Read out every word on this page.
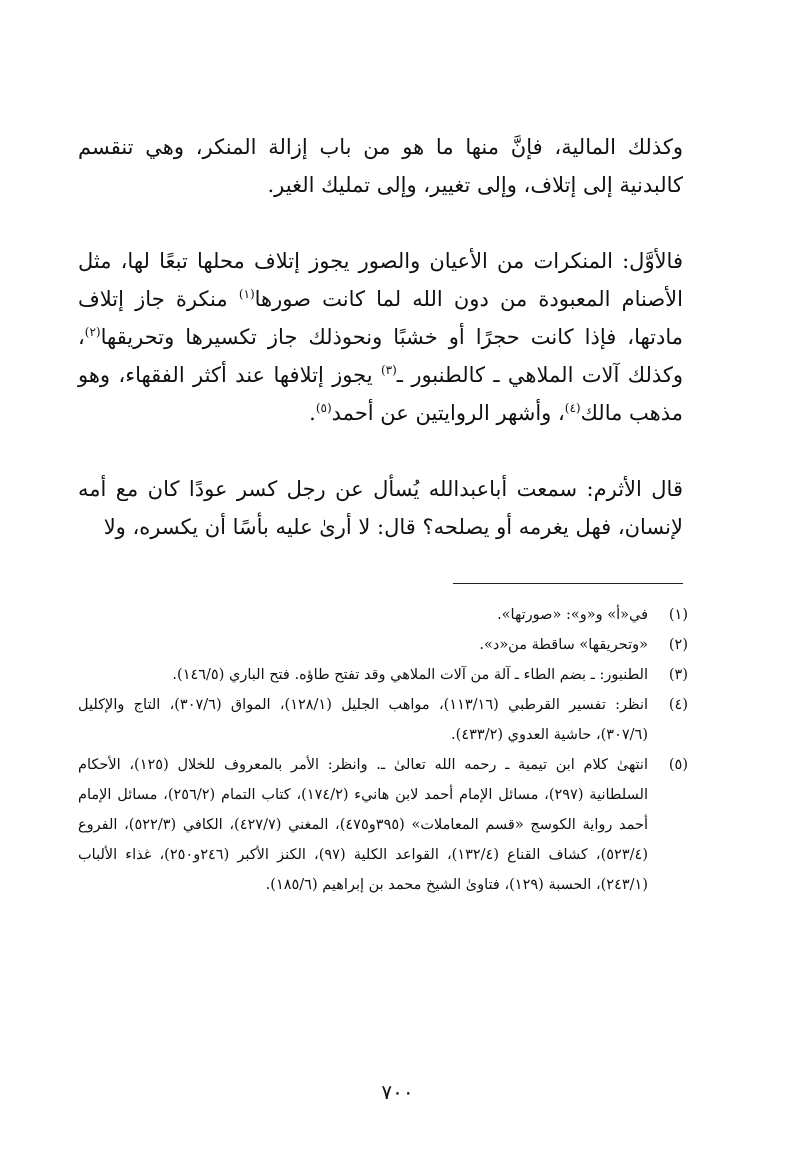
وكذلك المالية، فإنَّ منها ما هو من باب إزالة المنكر، وهي تنقسم كالبدنية إلى إتلاف، وإلى تغيير، وإلى تمليك الغير.

فالأوَّل: المنكرات من الأعيان والصور يجوز إتلاف محلها تبعًا لها، مثل الأصنام المعبودة من دون الله لما كانت صورها$^{(١)}$ منكرة جاز إتلاف مادتها، فإذا كانت حجرًا أو خشبًا ونحوذلك جاز تكسيرها وتحريقها$^{(٢)}$، وكذلك آلات الملاهي ـ كالطنبور ـ$^{(٣)}$ يجوز إتلافها عند أكثر الفقهاء، وهو مذهب مالك$^{(٤)}$، وأشهر الروايتين عن أحمد$^{(٥)}$.

قال الأثرم: سمعت أباعبدالله يُسأل عن رجل كسر عودًا كان مع أمه لإنسان، فهل يغرمه أو يصلحه؟ قال: لا أرىٰ عليه بأسًا أن يكسره، ولا

(١)
في«أ» و«و»: «صورتها».
(٢)
«وتحريقها» ساقطة من«د».
(٣)
الطنبور: ـ بضم الطاء ـ آلة من آلات الملاهي وقد تفتح طاؤه. فتح الباري (١٤٦/٥).
(٤)
انظر: تفسير القرطبي (١١٣/١٦)، مواهب الجليل (١٢٨/١)، المواق (٣٠٧/٦)، التاج والإكليل (٣٠٧/٦)، حاشية العدوي (٤٣٣/٢).
(٥)
انتهىٰ كلام ابن تيمية ـ رحمه الله تعالىٰ ـ. وانظر: الأمر بالمعروف للخلال (١٢٥)، الأحكام السلطانية (٢٩٧)، مسائل الإمام أحمد لابن هانيء (١٧٤/٢)، كتاب التمام (٢٥٦/٢)، مسائل الإمام أحمد رواية الكوسج «قسم المعاملات» (٣٩٥و٤٧٥)، المغني (٤٢٧/٧)، الكافي (٥٢٢/٣)، الفروع (٥٢٣/٤)، كشاف القناع (١٣٢/٤)، القواعد الكلية (٩٧)، الكنز الأكبر (٢٤٦و٢٥٠)، غذاء الألباب (٢٤٣/١)، الحسبة (١٢٩)، فتاوىٰ الشيخ محمد بن إبراهيم (١٨٥/٦).
٧٠٠
